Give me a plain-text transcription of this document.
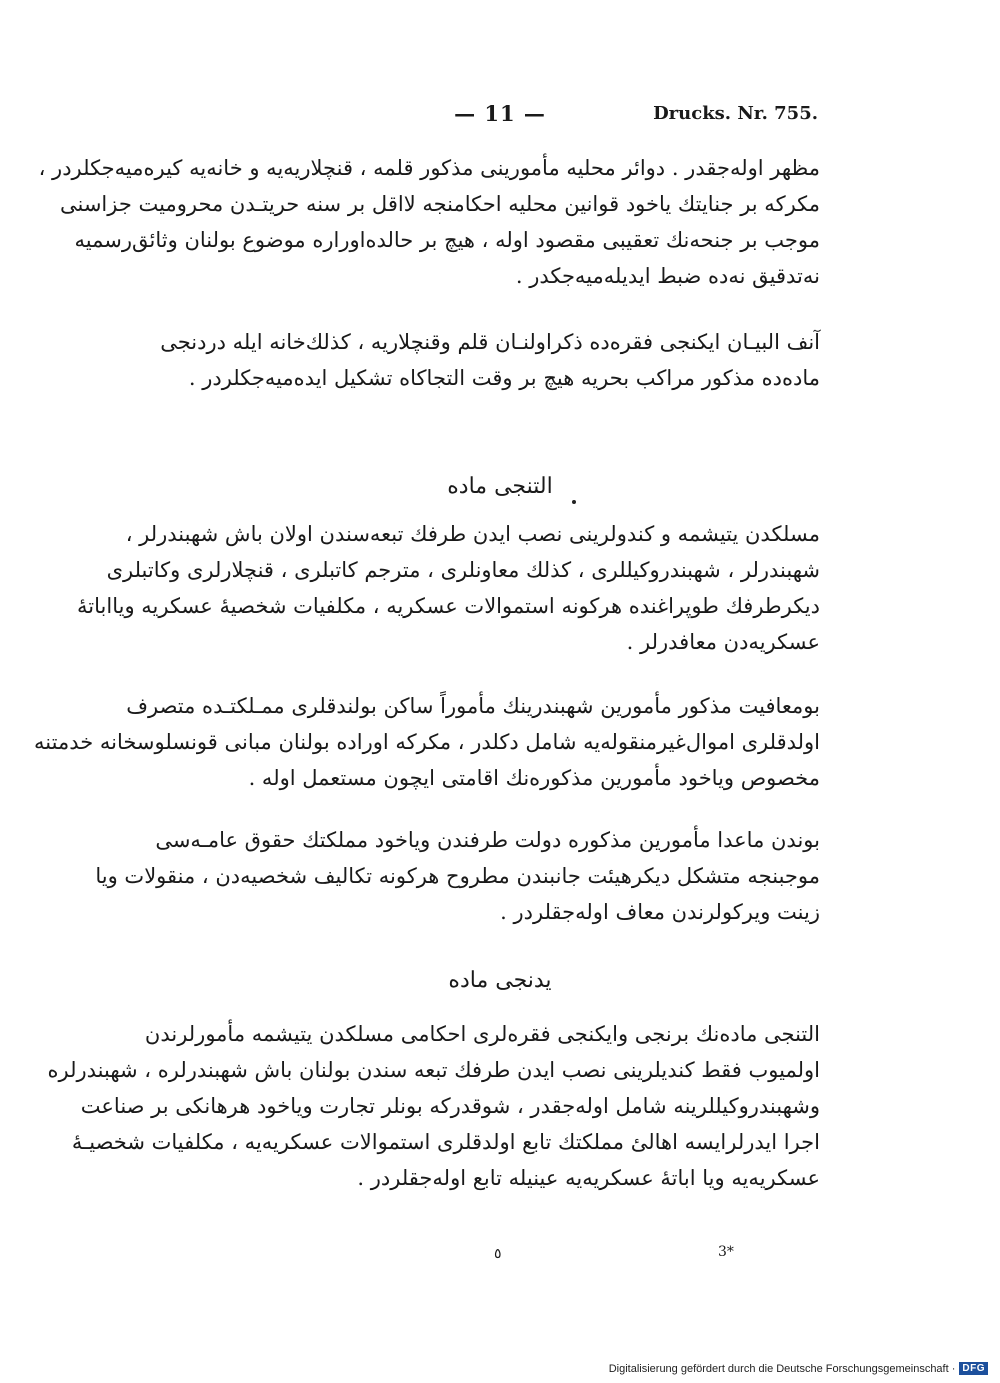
— 11 —	Drucks. Nr. 755.
مظهر اوله‌جقدر . دوائر محلیه مأمورینی مذکور قلمه ، قنچلاریه‌یه و خانه‌یه کیره‌میه‌جکلردر ،
مکرکه بر جنایتك یاخود قوانین محلیه احکامنجه لااقل بر سنه حریتـدن محرومیت جزاسنی
موجب بر جنحه‌نك تعقیبی مقصود اوله ، هیچ بر حالده‌اوراره موضوع بولنان وثائق‌رسمیه
نه‌تدقیق نه‌ده ضبط ایدیله‌میه‌جکدر .
آنف البیـان ایکنجی فقره‌ده ذکراولنـان قلم وقنچلاریه ، کذلك‌خانه ایله دردنجی
ماده‌ده مذکور مراکب بحریه هیچ بر وقت التجاکاه تشکیل ایده‌میه‌جکلردر .
التنجی ماده
مسلکدن یتیشمه و کندولرینی نصب ایدن طرفك تبعه‌سندن اولان باش شهبندرلر ،
شهبندرلر ، شهبندروکیللری ، کذلك معاونلری ، مترجم کاتبلری ، قنچلارلری وکاتبلری
دیکرطرفك طوپراغنده هرکونه استموالات عسکریه ، مکلفیات شخصیهٔ عسکریه ویااباتهٔ
عسکریه‌دن معافدرلر .
بومعافیت مذکور مأمورین شهبندرینك مأموراً ساکن بولندقلری ممـلکتـده متصرف
اولدقلری اموال‌غیرمنقوله‌یه شامل دکلدر ، مکرکه اوراده بولنان مبانی قونسلوسخانه خدمتنه
مخصوص ویاخود مأمورین مذکوره‌نك اقامتی ایچون مستعمل اوله .
بوندن ماعدا مأمورین مذکوره دولت طرفندن ویاخود مملکتك حقوق عامـه‌سی
موجبنجه متشکل دیکرهیئت جانبندن مطروح هرکونه تکالیف شخصیه‌دن ، منقولات ویا
زینت ویرکولرندن معاف اوله‌جقلردر .
یدنجی ماده
التنجی ماده‌نك برنجی وایکنجی فقره‌لری احکامی مسلکدن یتیشمه مأمورلرندن
اولمیوب فقط کندیلرینی نصب ایدن طرفك تبعه سندن بولنان باش شهبندرلره ، شهبندرلره
وشهبندروکیللرینه شامل اوله‌جقدر ، شوقدرکه بونلر تجارت ویاخود هرهانکی بر صناعت
اجرا ایدرلرایسه اهالئ مملکتك تابع اولدقلری استموالات عسکریه‌یه ، مکلفیات شخصیـهٔ
عسکریه‌یه ویا اباتهٔ عسکریه‌یه عینیله تابع اوله‌جقلردر .
٥	3*
Digitalisierung gefördert durch die Deutsche Forschungsgemeinschaft · DFG
